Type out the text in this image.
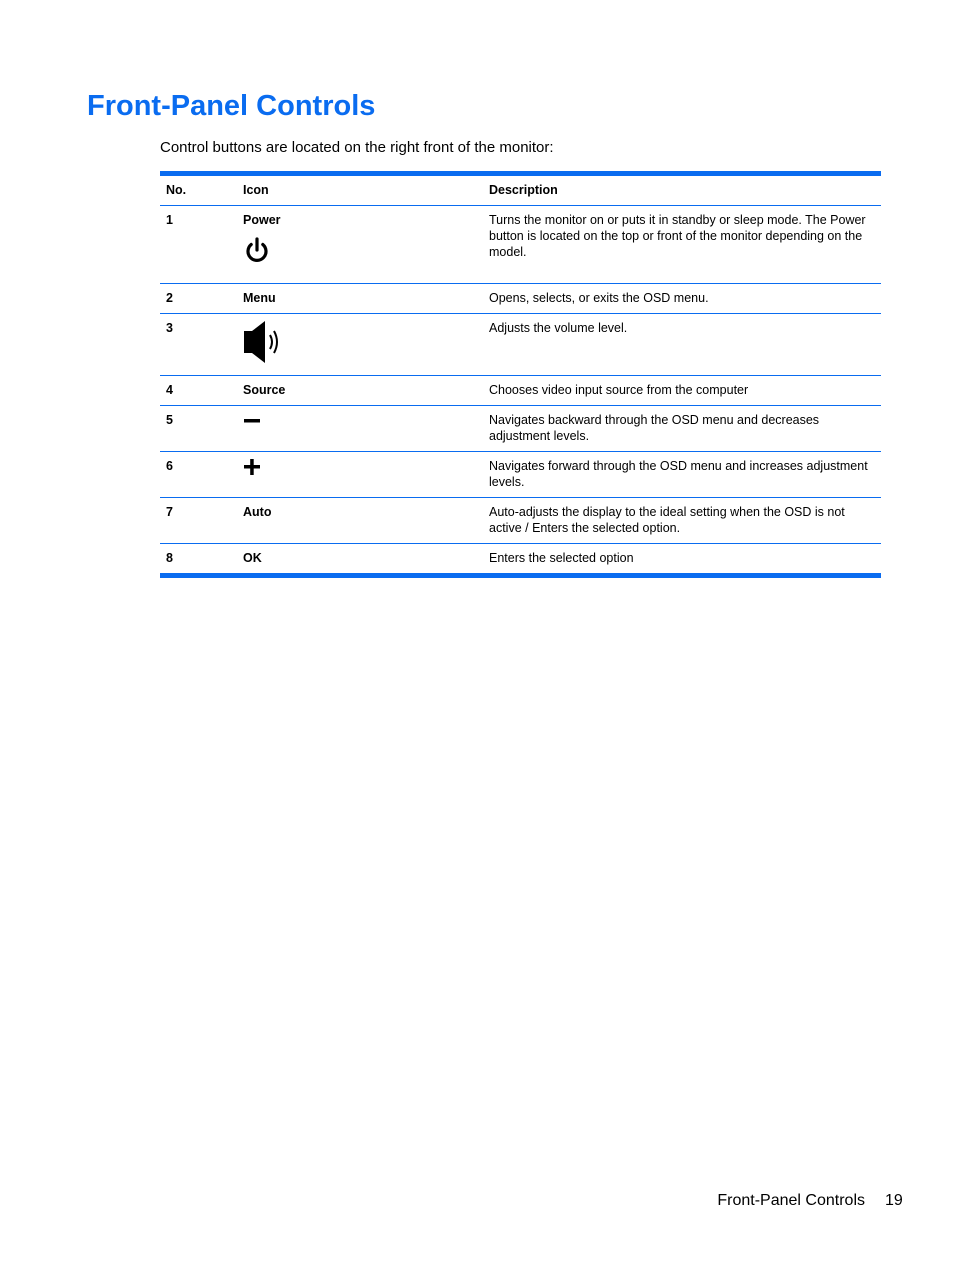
Front-Panel Controls

Control buttons are located on the right front of the monitor:

No.	Icon	Description
1	Power	Turns the monitor on or puts it in standby or sleep mode. The Power button is located on the top or front of the monitor depending on the model.
2	Menu	Opens, selects, or exits the OSD menu.
3		Adjusts the volume level.
4	Source	Chooses video input source from the computer
5		Navigates backward through the OSD menu and decreases adjustment levels.
6		Navigates forward through the OSD menu and increases adjustment levels.
7	Auto	Auto-adjusts the display to the ideal setting when the OSD is not active / Enters the selected option.
8	OK	Enters the selected option
Front-Panel Controls 19
